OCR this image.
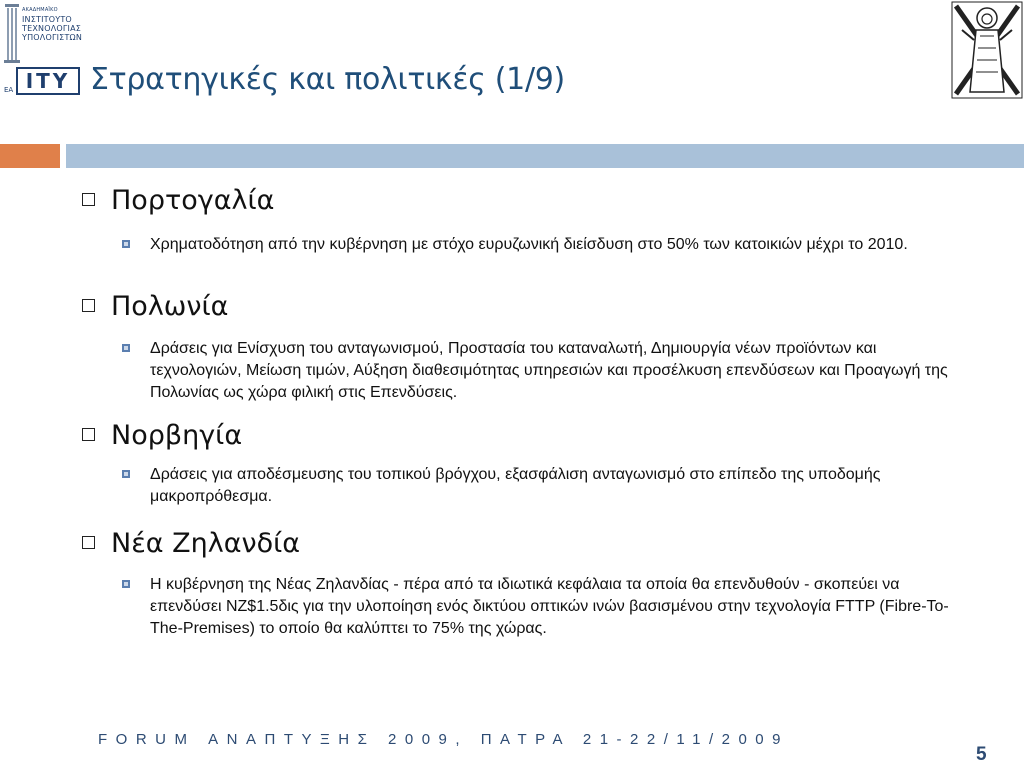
ΑΚΑΔΗΜΑΪΚΟ
ΙΝΣΤΙΤΟΥΤΟ
ΤΕΧΝΟΛΟΓΙΑΣ
ΥΠΟΛΟΓΙΣΤΩΝ
ΕΑ ITY Στρατηγικές και πολιτικές (1/9)
Πορτογαλία
Χρηματοδότηση από την κυβέρνηση με στόχο ευρυζωνική διείσδυση στο 50% των κατοικιών μέχρι το 2010.
Πολωνία
Δράσεις για Ενίσχυση του ανταγωνισμού, Προστασία του καταναλωτή, Δημιουργία νέων προϊόντων και τεχνολογιών, Μείωση τιμών, Αύξηση διαθεσιμότητας υπηρεσιών και προσέλκυση επενδύσεων και Προαγωγή της Πολωνίας ως χώρα φιλική στις Επενδύσεις.
Νορβηγία
Δράσεις για αποδέσμευσης του τοπικού βρόγχου, εξασφάλιση ανταγωνισμό στο επίπεδο της υποδομής μακροπρόθεσμα.
Νέα Ζηλανδία
Η κυβέρνηση της Νέας Ζηλανδίας - πέρα από τα ιδιωτικά κεφάλαια τα οποία θα επενδυθούν - σκοπεύει να επενδύσει NZ$1.5δις για την υλοποίηση ενός δικτύου οπτικών ινών βασισμένου στην τεχνολογία FTTP (Fibre-To-The-Premises) το οποίο θα καλύπτει το 75% της χώρας.
FORUM ΑΝΑΠΤΥΞΗΣ 2009, ΠΑΤΡΑ 21-22/11/2009
5
